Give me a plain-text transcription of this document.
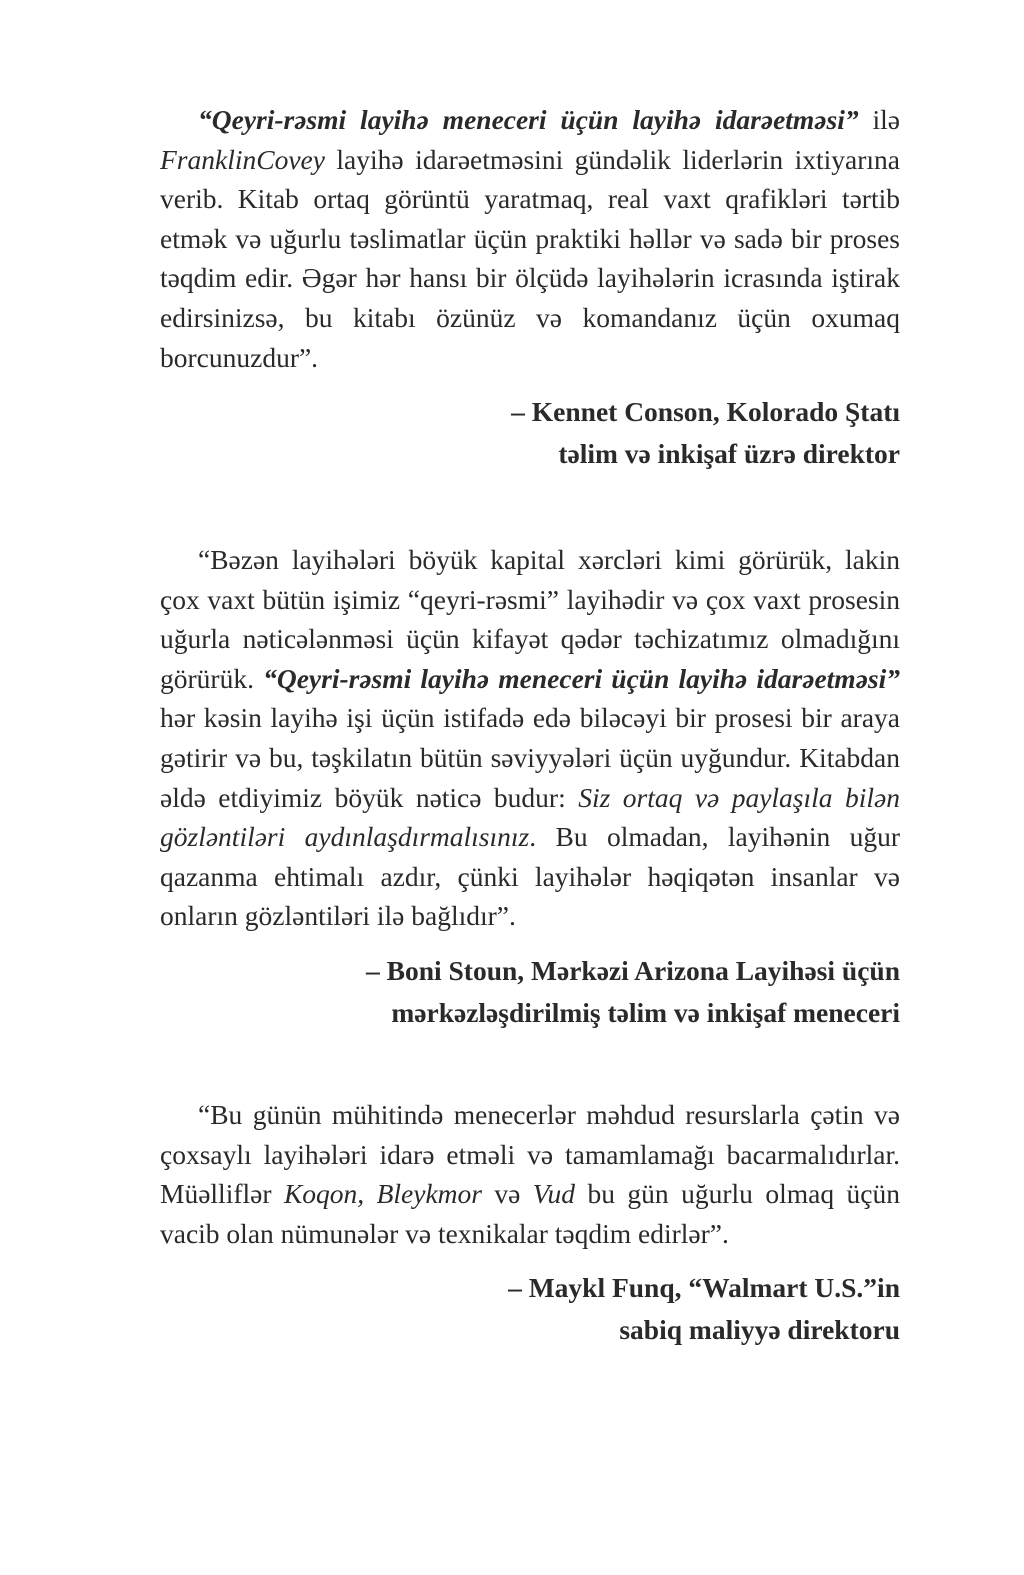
“Qeyri-rəsmi layihə meneceri üçün layihə idarəetməsi” ilə FranklinCovey layihə idarəetməsini gündəlik liderlərin ixtiyarına verib. Kitab ortaq görüntü yaratmaq, real vaxt qrafikləri tərtib etmək və uğurlu təslimatlar üçün praktiki həllər və sadə bir proses təqdim edir. Əgər hər hansı bir ölçüdə layihələrin icrasında iştirak edirsinizsə, bu kitabı özünüz və komandanız üçün oxumaq borcunuzdur”.

– Kennet Conson, Kolorado Ştatı
təlim və inkişaf üzrə direktor

“Bəzən layihələri böyük kapital xərcləri kimi görürük, lakin çox vaxt bütün işimiz “qeyri-rəsmi” layihədir və çox vaxt prosesin uğurla nəticələnməsi üçün kifayət qədər təchizatımız olmadığını görürük. “Qeyri-rəsmi layihə meneceri üçün layihə idarəetməsi” hər kəsin layihə işi üçün istifadə edə biləcəyi bir prosesi bir araya gətirir və bu, təşkilatın bütün səviyyələri üçün uyğundur. Kitabdan əldə etdiyimiz böyük nəticə budur: Siz ortaq və paylaşıla bilən gözləntiləri aydınlaşdırmalısınız. Bu olmadan, layihənin uğur qazanma ehtimalı azdır, çünki layihələr həqiqətən insanlar və onların gözləntiləri ilə bağlıdır”.

– Boni Stoun, Mərkəzi Arizona Layihəsi üçün
mərkəzləşdirilmiş təlim və inkişaf meneceri

“Bu günün mühitində menecerlər məhdud resurslarla çətin və çoxsaylı layihələri idarə etməli və tamamlamağı bacarmalıdırlar. Müəlliflər Koqon, Bleykmor və Vud bu gün uğurlu olmaq üçün vacib olan nümunələr və texnikalar təqdim edirlər”.

– Maykl Funq, “Walmart U.S.”in
sabiq maliyyə direktoru
